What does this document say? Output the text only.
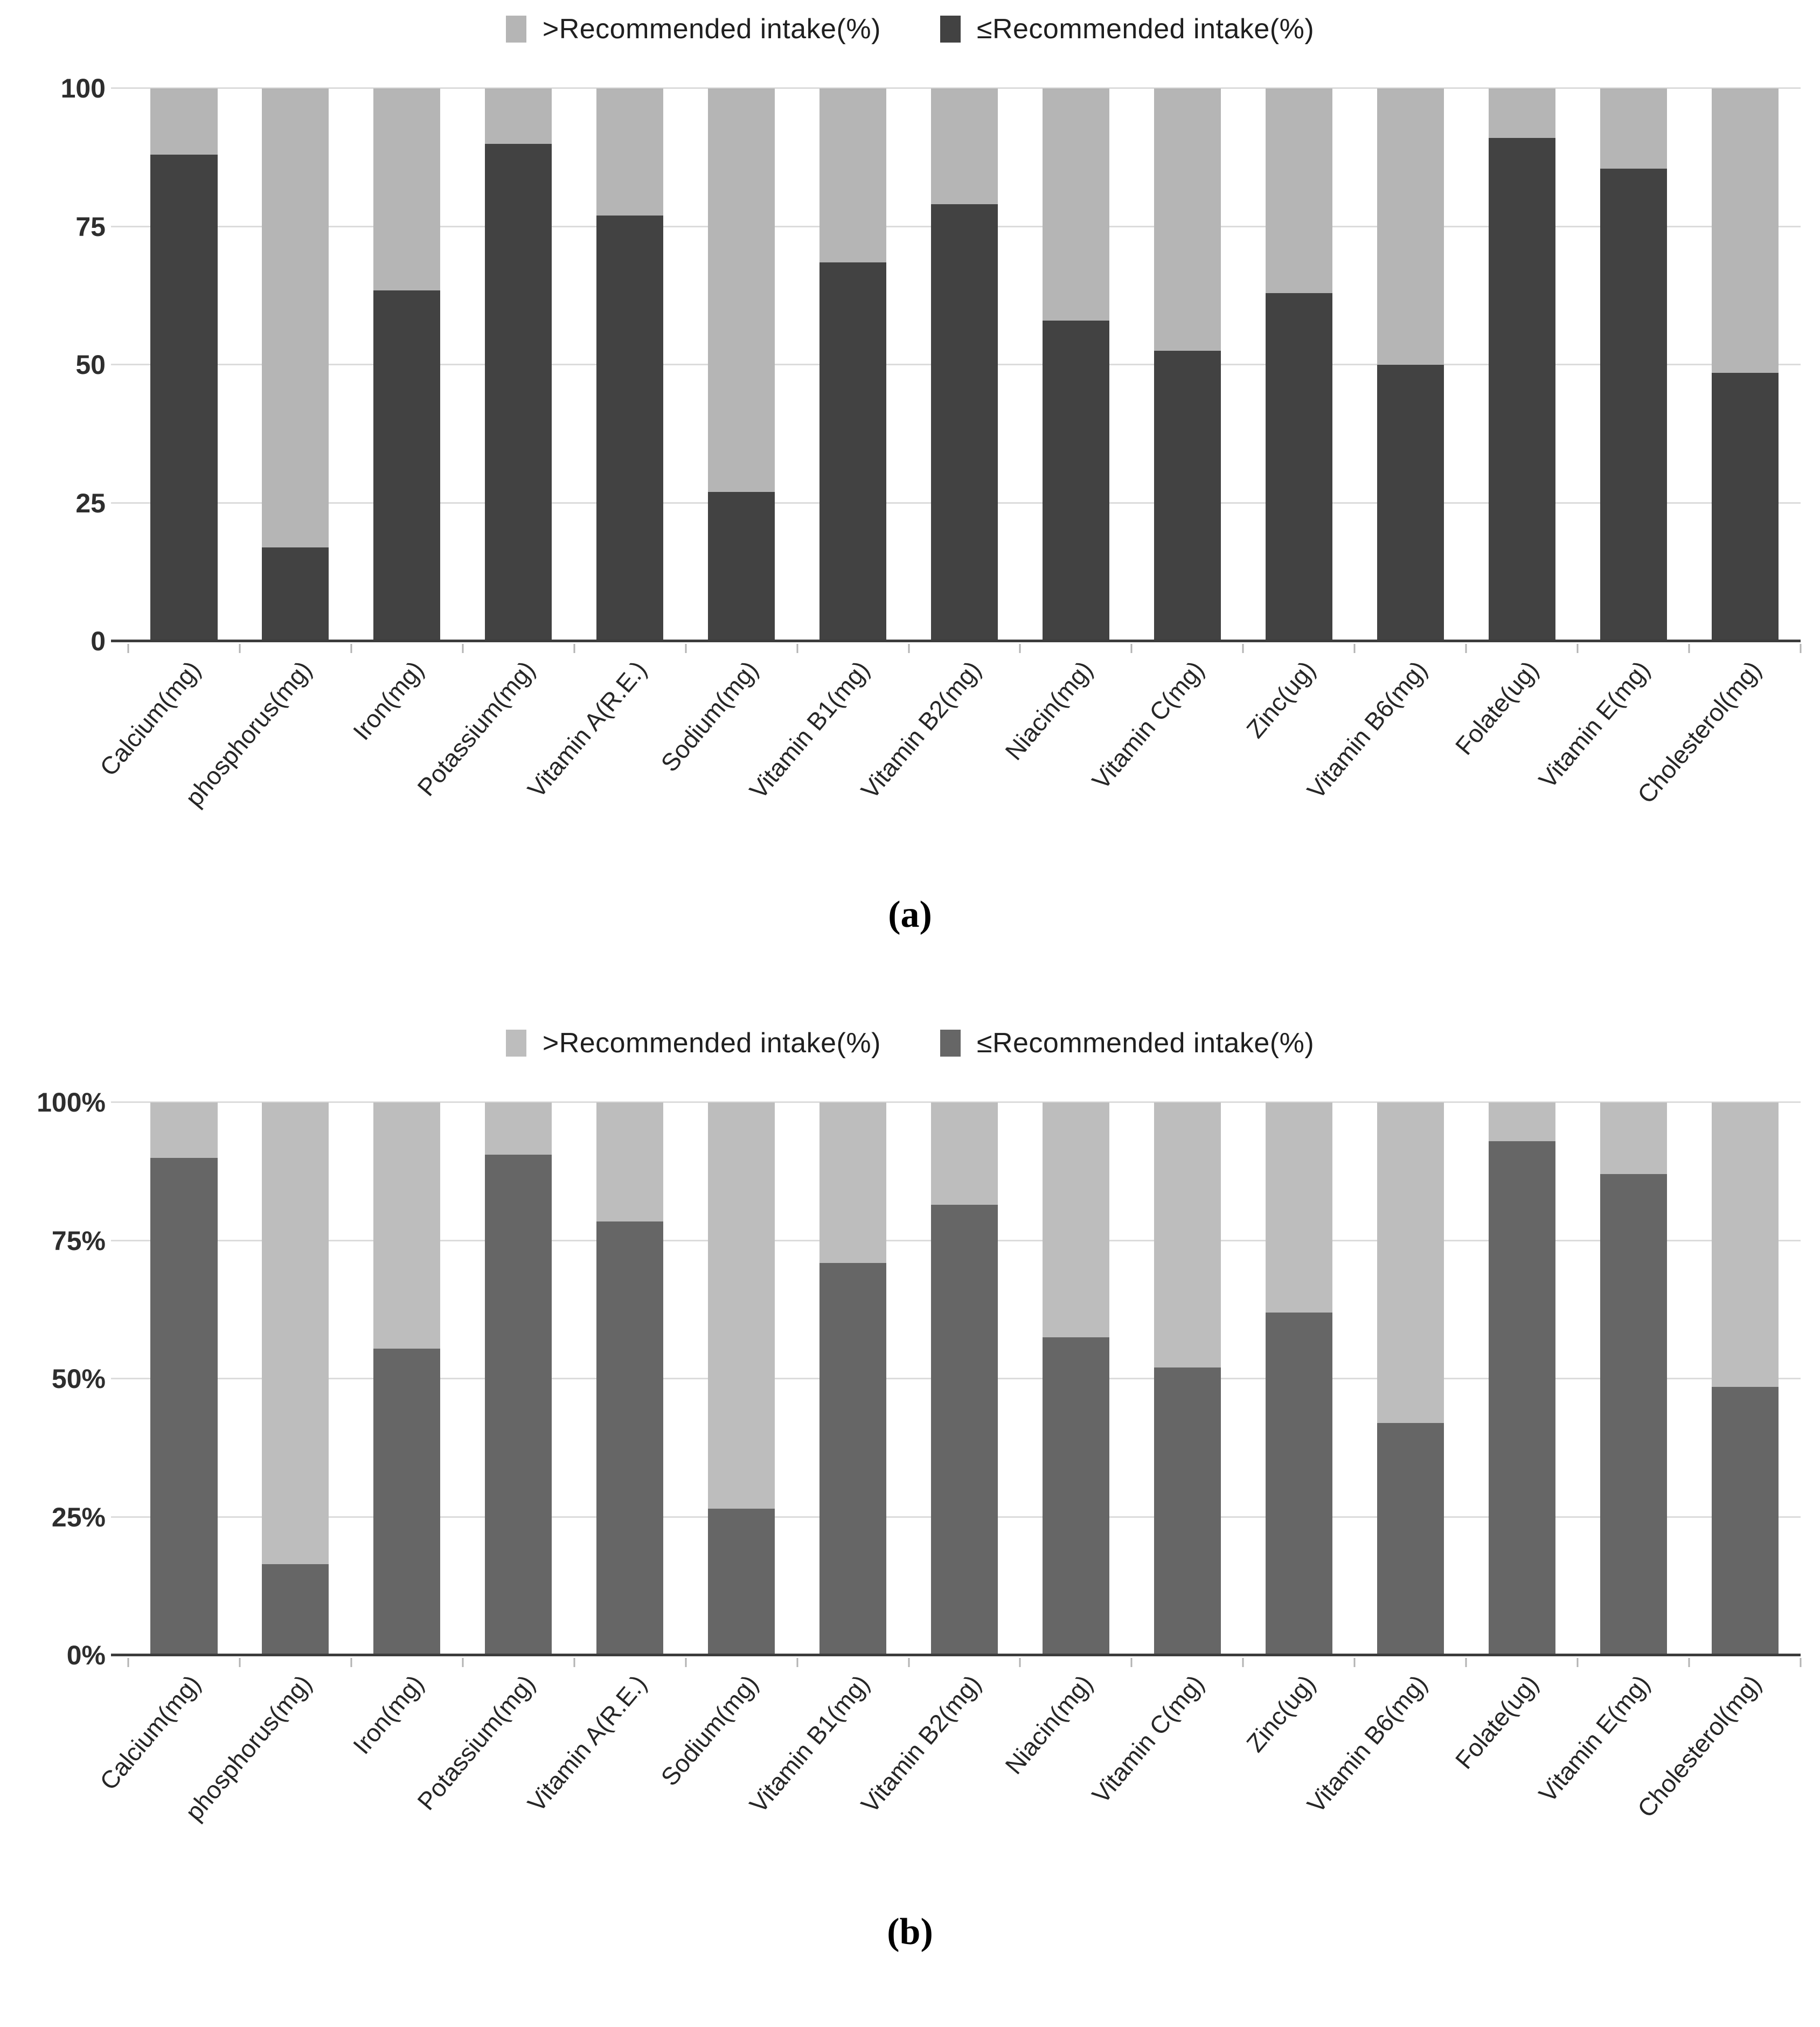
>Recommended intake(%)	≤Recommended intake(%)
100
75
50
25
0
Calcium(mg)
phosphorus(mg) Iron(mg)
Potassium(mg)
Vitamin A(R.E.) Sodium(mg)
Vitamin B1(mg)
Vitamin B2(mg) Niacin(mg)
Vitamin C(mg) Zinc(ug)
Vitamin B6(mg) Folate(ug)
Vitamin E(mg)
Cholesterol(mg)
(a)
>Recommended intake(%)	≤Recommended intake(%)
100%
75%
50%
25%
0%
Calcium(mg)
phosphorus(mg) Iron(mg)
Potassium(mg)
Vitamin A(R.E.) Sodium(mg)
Vitamin B1(mg)
Vitamin B2(mg) Niacin(mg)
Vitamin C(mg) Zinc(ug)
Vitamin B6(mg) Folate(ug)
Vitamin E(mg)
Cholesterol(mg)
(b)
